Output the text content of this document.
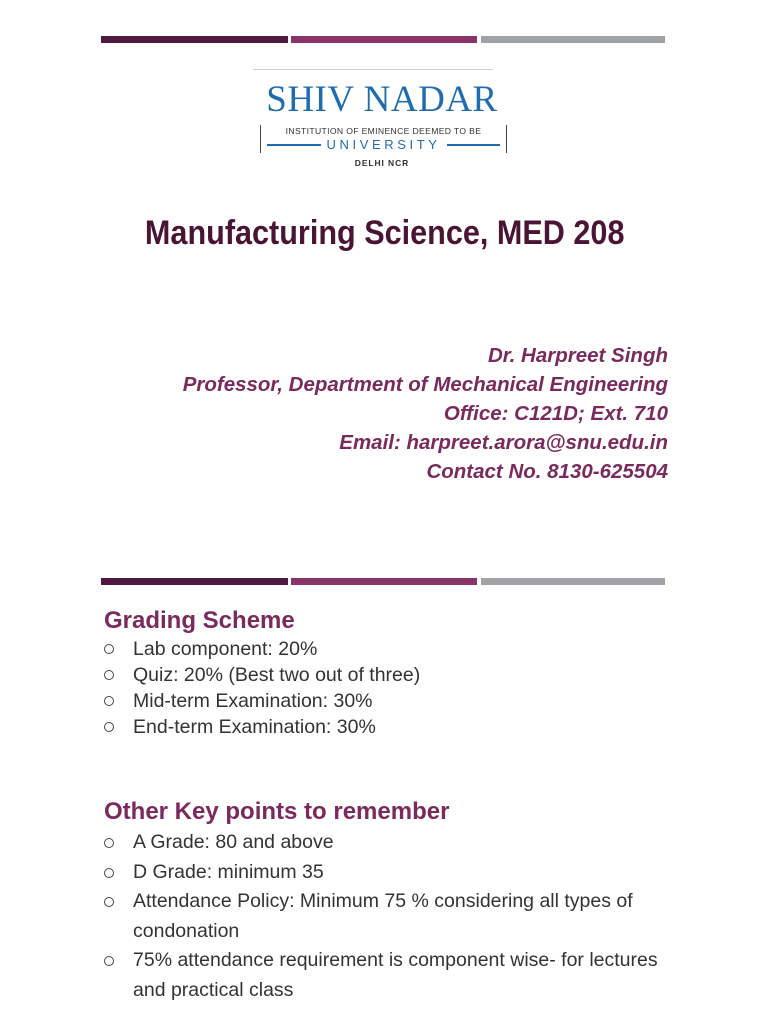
SHIV NADAR
INSTITUTION OF EMINENCE DEEMED TO BE
UNIVERSITY
DELHI NCR
Manufacturing Science, MED 208
Dr. Harpreet Singh
Professor, Department of Mechanical Engineering
Office: C121D; Ext. 710
Email: harpreet.arora@snu.edu.in
Contact No. 8130-625504
Grading Scheme
Lab component: 20%
Quiz: 20% (Best two out of three)
Mid-term Examination: 30%
End-term Examination: 30%
Other Key points to remember
A Grade: 80 and above
D Grade: minimum 35
Attendance Policy: Minimum 75 % considering all types of condonation
75% attendance requirement is component wise- for lectures and practical class
